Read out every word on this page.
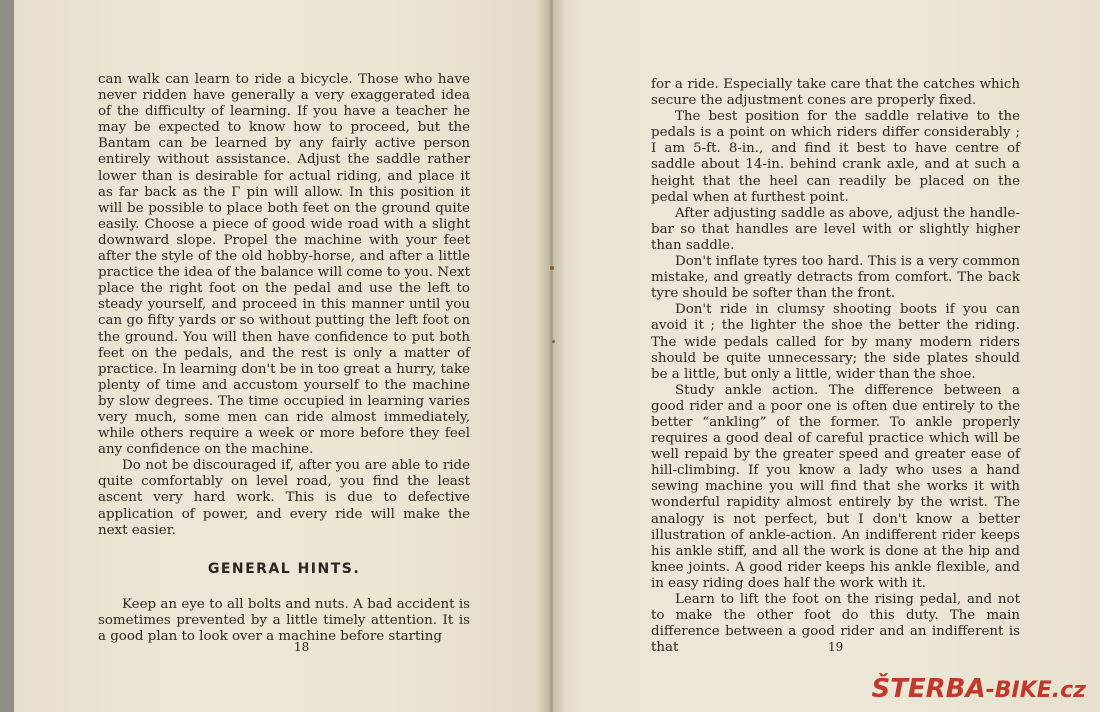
can walk can learn to ride a bicycle. Those who have never ridden have generally a very exaggerated idea of the difficulty of learning. If you have a teacher he may be expected to know how to proceed, but the Bantam can be learned by any fairly active person entirely without assistance. Adjust the saddle rather lower than is desirable for actual riding, and place it as far back as the Γ pin will allow. In this position it will be possible to place both feet on the ground quite easily. Choose a piece of good wide road with a slight downward slope. Propel the machine with your feet after the style of the old hobby-horse, and after a little practice the idea of the balance will come to you. Next place the right foot on the pedal and use the left to steady yourself, and proceed in this manner until you can go fifty yards or so without putting the left foot on the ground. You will then have confidence to put both feet on the pedals, and the rest is only a matter of practice. In learning don't be in too great a hurry, take plenty of time and accustom yourself to the machine by slow degrees. The time occupied in learning varies very much, some men can ride almost immediately, while others require a week or more before they feel any confidence on the machine.

Do not be discouraged if, after you are able to ride quite comfortably on level road, you find the least ascent very hard work. This is due to defective application of power, and every ride will make the next easier.

GENERAL HINTS.

Keep an eye to all bolts and nuts. A bad accident is sometimes prevented by a little timely attention. It is a good plan to look over a machine before starting

18

for a ride. Especially take care that the catches which secure the adjustment cones are properly fixed.

The best position for the saddle relative to the pedals is a point on which riders differ considerably ; I am 5-ft. 8-in., and find it best to have centre of saddle about 14-in. behind crank axle, and at such a height that the heel can readily be placed on the pedal when at furthest point.

After adjusting saddle as above, adjust the handle-bar so that handles are level with or slightly higher than saddle.

Don't inflate tyres too hard. This is a very common mistake, and greatly detracts from comfort. The back tyre should be softer than the front.

Don't ride in clumsy shooting boots if you can avoid it ; the lighter the shoe the better the riding. The wide pedals called for by many modern riders should be quite unnecessary; the side plates should be a little, but only a little, wider than the shoe.

Study ankle action. The difference between a good rider and a poor one is often due entirely to the better “ankling” of the former. To ankle properly requires a good deal of careful practice which will be well repaid by the greater speed and greater ease of hill-climbing. If you know a lady who uses a hand sewing machine you will find that she works it with wonderful rapidity almost entirely by the wrist. The analogy is not perfect, but I don't know a better illustration of ankle-action. An indifferent rider keeps his ankle stiff, and all the work is done at the hip and knee joints. A good rider keeps his ankle flexible, and in easy riding does half the work with it.

Learn to lift the foot on the rising pedal, and not to make the other foot do this duty. The main difference between a good rider and an indifferent is that	19
ŠTERBA-BIKE.cz
